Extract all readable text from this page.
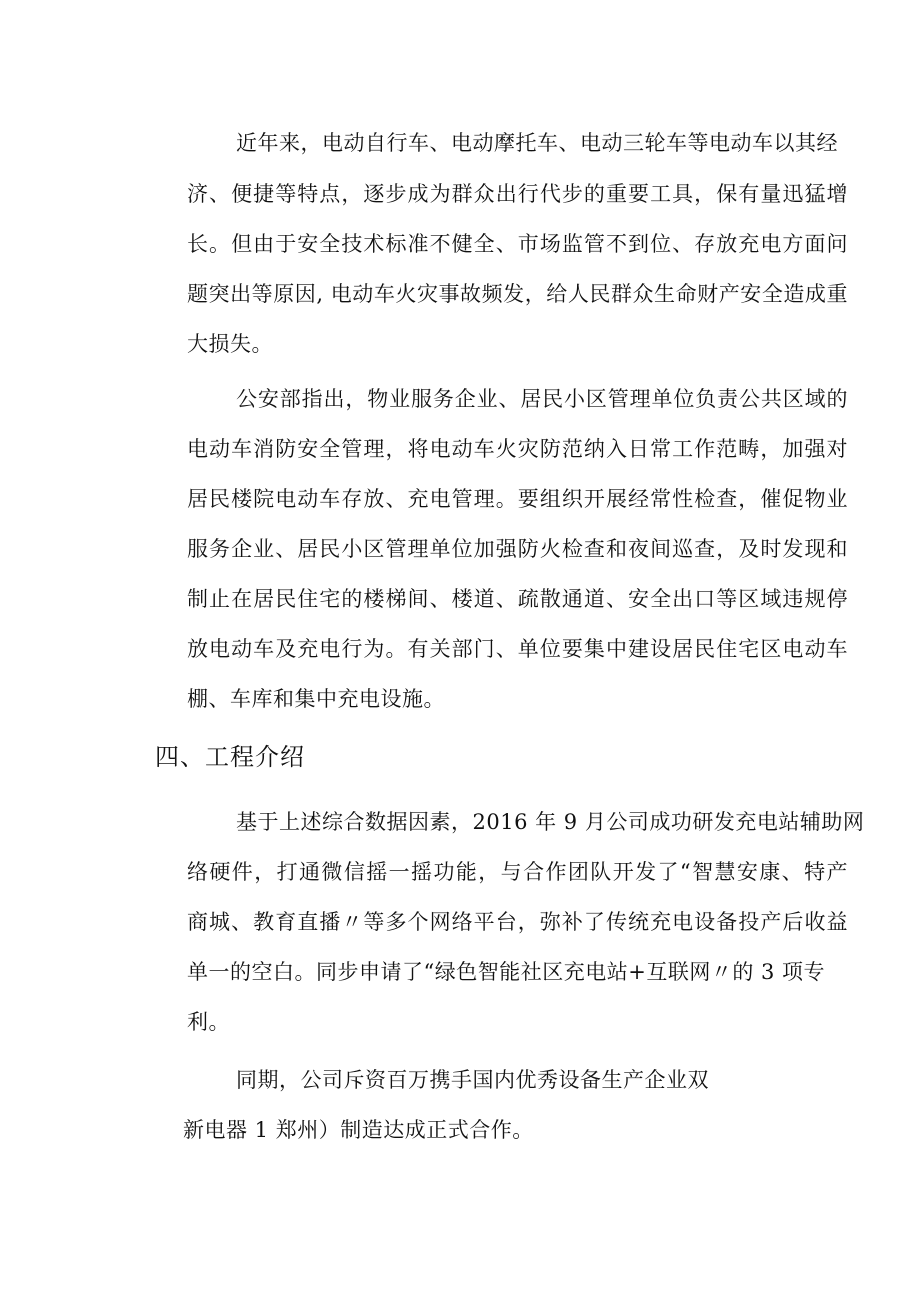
近年来，电动自行车、电动摩托车、电动三轮车等电动车以其经
济、便捷等特点，逐步成为群众出行代步的重要工具，保有量迅猛增
长。但由于安全技术标准不健全、市场监管不到位、存放充电方面问
题突出等原因, 电动车火灾事故频发，给人民群众生命财产安全造成重
大损失。
公安部指出，物业服务企业、居民小区管理单位负责公共区域的
电动车消防安全管理，将电动车火灾防范纳入日常工作范畴，加强对
居民楼院电动车存放、充电管理。要组织开展经常性检查，催促物业
服务企业、居民小区管理单位加强防火检查和夜间巡查，及时发现和
制止在居民住宅的楼梯间、楼道、疏散通道、安全出口等区域违规停
放电动车及充电行为。有关部门、单位要集中建设居民住宅区电动车
棚、车库和集中充电设施。
四、工程介绍
基于上述综合数据因素，2016 年 9 月公司成功研发充电站辅助网
络硬件，打通微信摇一摇功能，与合作团队开发了“智慧安康、特产
商城、教育直播〃等多个网络平台，弥补了传统充电设备投产后收益
单一的空白。同步申请了“绿色智能社区充电站+互联网〃的 3 项专
利。
同期，公司斥资百万携手国内优秀设备生产企业双
新电器 1 郑州）制造达成正式合作。
